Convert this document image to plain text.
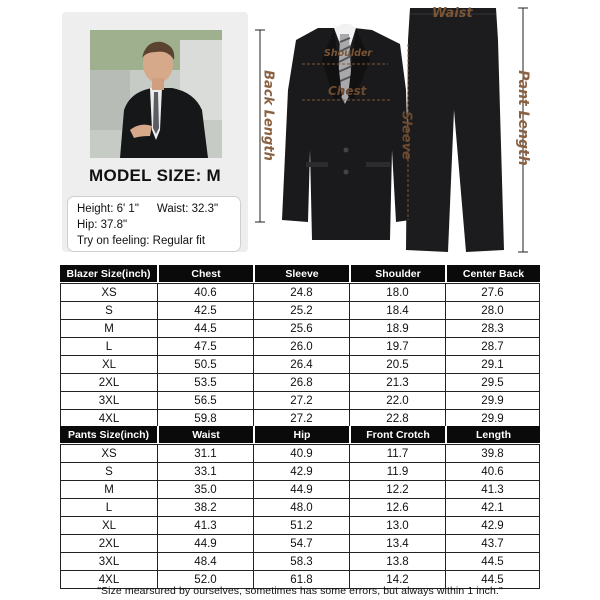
MODEL SIZE: M
Height: 6' 1" Waist: 32.3"
Hip: 37.8"
Try on feeling: Regular fit
Shoulder
Chest
Waist
Back Length	Sleeve	Pant Length
Blazer Size(inch)	Chest	Sleeve	Shoulder	Center Back
XS	40.6	24.8	18.0	27.6
S	42.5	25.2	18.4	28.0
M	44.5	25.6	18.9	28.3
L	47.5	26.0	19.7	28.7
XL	50.5	26.4	20.5	29.1
2XL	53.5	26.8	21.3	29.5
3XL	56.5	27.2	22.0	29.9
4XL	59.8	27.2	22.8	29.9
Pants Size(inch)	Waist	Hip	Front Crotch	Length
XS	31.1	40.9	11.7	39.8
S	33.1	42.9	11.9	40.6
M	35.0	44.9	12.2	41.3
L	38.2	48.0	12.6	42.1
XL	41.3	51.2	13.0	42.9
2XL	44.9	54.7	13.4	43.7
3XL	48.4	58.3	13.8	44.5
4XL	52.0	61.8	14.2	44.5
"Size mearsured by ourselves, sometimes has some errors, but always within 1 inch."
